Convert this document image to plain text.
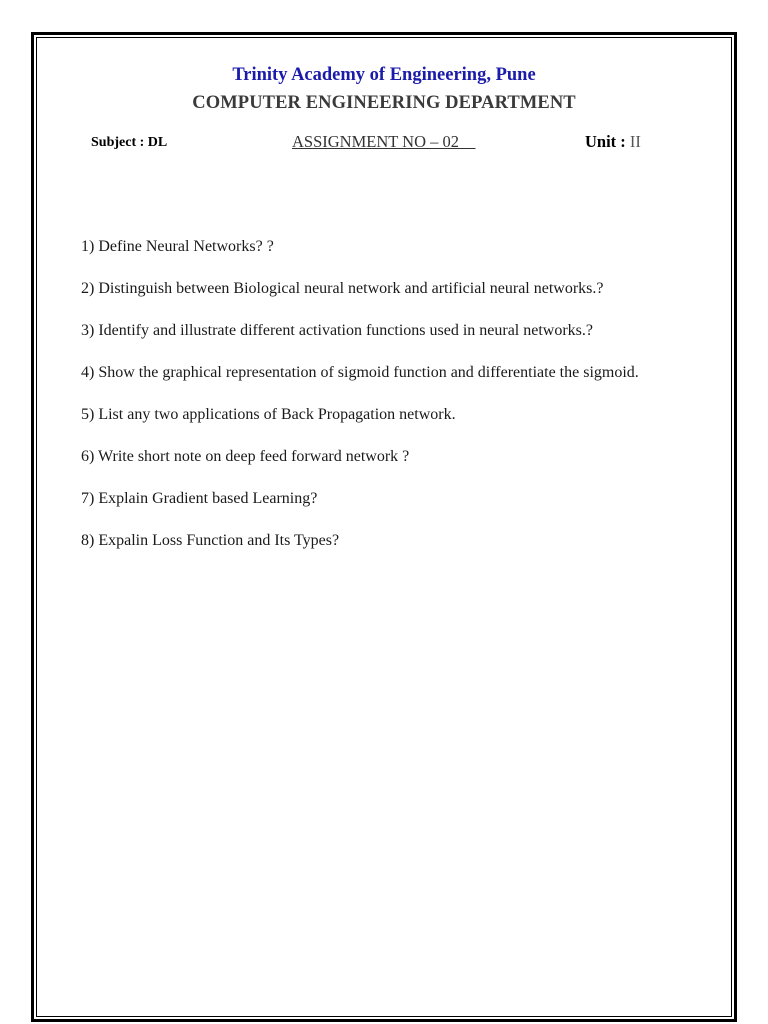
Trinity Academy of Engineering, Pune
COMPUTER ENGINEERING DEPARTMENT
Subject : DL	ASSIGNMENT NO – 02	Unit : II
1) Define Neural Networks? ?
2) Distinguish between Biological neural network and artificial neural networks.?
3) Identify and illustrate different activation functions used in neural networks.?
4) Show the graphical representation of sigmoid function and differentiate the sigmoid.
5) List any two applications of Back Propagation network.
6) Write short note on deep feed forward network ?
7) Explain Gradient based Learning?
8) Expalin Loss Function and Its Types?
